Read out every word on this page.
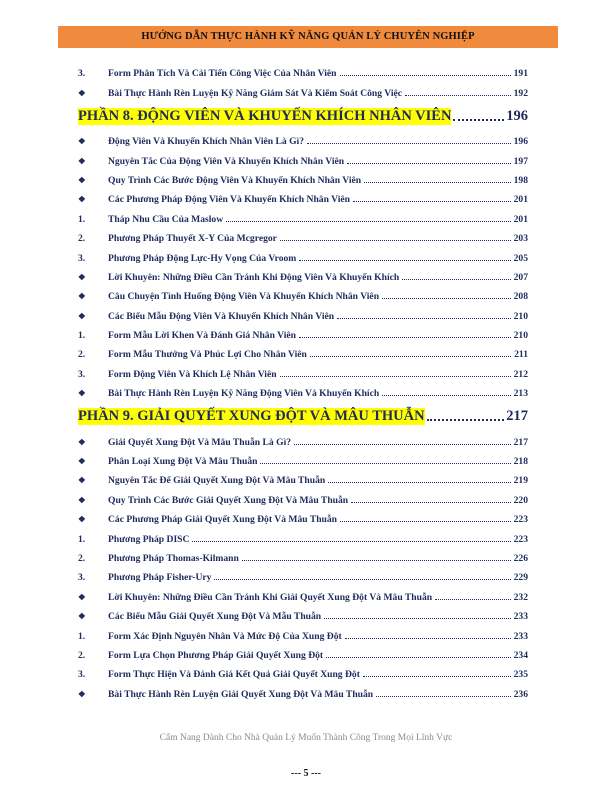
HƯỚNG DẪN THỰC HÀNH KỸ NĂNG QUẢN LÝ CHUYÊN NGHIỆP
3.	Form Phân Tích Và Cải Tiến Công Việc Của Nhân Viên	191
❖	Bài Thực Hành Rèn Luyện Kỹ Năng Giám Sát Và Kiểm Soát Công Việc	192
PHẦN 8. ĐỘNG VIÊN VÀ KHUYẾN KHÍCH NHÂN VIÊN	196
❖	Động Viên Và Khuyến Khích Nhân Viên Là Gì?	196
❖	Nguyên Tắc Của Động Viên Và Khuyến Khích Nhân Viên	197
❖	Quy Trình Các Bước Động Viên Và Khuyến Khích Nhân Viên	198
❖	Các Phương Pháp Động Viên Và Khuyến Khích Nhân Viên	201
1.	Tháp Nhu Cầu Của Maslow	201
2.	Phương Pháp Thuyết X-Y Của Mcgregor	203
3.	Phương Pháp Động Lực-Hy Vọng Của Vroom	205
❖	Lời Khuyên: Những Điều Cần Tránh Khi Động Viên Và Khuyến Khích	207
❖	Câu Chuyện Tình Huống Động Viên Và Khuyến Khích Nhân Viên	208
❖	Các Biểu Mẫu Động Viên Và Khuyến Khích Nhân Viên	210
1.	Form Mẫu Lời Khen Và Đánh Giá Nhân Viên	210
2.	Form Mẫu Thưởng Và Phúc Lợi Cho Nhân Viên	211
3.	Form Động Viên Và Khích Lệ Nhân Viên	212
❖	Bài Thực Hành Rèn Luyện Kỹ Năng Động Viên Và Khuyến Khích	213
PHẦN 9. GIẢI QUYẾT XUNG ĐỘT VÀ MÂU THUẪN	217
❖	Giải Quyết Xung Đột Và Mâu Thuẫn Là Gì?	217
❖	Phân Loại Xung Đột Và Mâu Thuẫn	218
❖	Nguyên Tắc Để Giải Quyết Xung Đột Và Mâu Thuẫn	219
❖	Quy Trình Các Bước Giải Quyết Xung Đột Và Mâu Thuẫn	220
❖	Các Phương Pháp Giải Quyết Xung Đột Và Mâu Thuẫn	223
1.	Phương Pháp DISC	223
2.	Phương Pháp Thomas-Kilmann	226
3.	Phương Pháp Fisher-Ury	229
❖	Lời Khuyên: Những Điều Cần Tránh Khi Giải Quyết Xung Đột Và Mâu Thuẫn	232
❖	Các Biểu Mẫu Giải Quyết Xung Đột Và Mẫu Thuẫn	233
1.	Form Xác Định Nguyên Nhân Và Mức Độ Của Xung Đột	233
2.	Form Lựa Chọn Phương Pháp Giải Quyết Xung Đột	234
3.	Form Thực Hiện Và Đánh Giá Kết Quả Giải Quyết Xung Đột	235
❖	Bài Thực Hành Rèn Luyện Giải Quyết Xung Đột Và Mâu Thuẫn	236
Cẩm Nang Dành Cho Nhà Quản Lý Muốn Thành Công Trong Mọi Lĩnh Vực
--- 5 ---
